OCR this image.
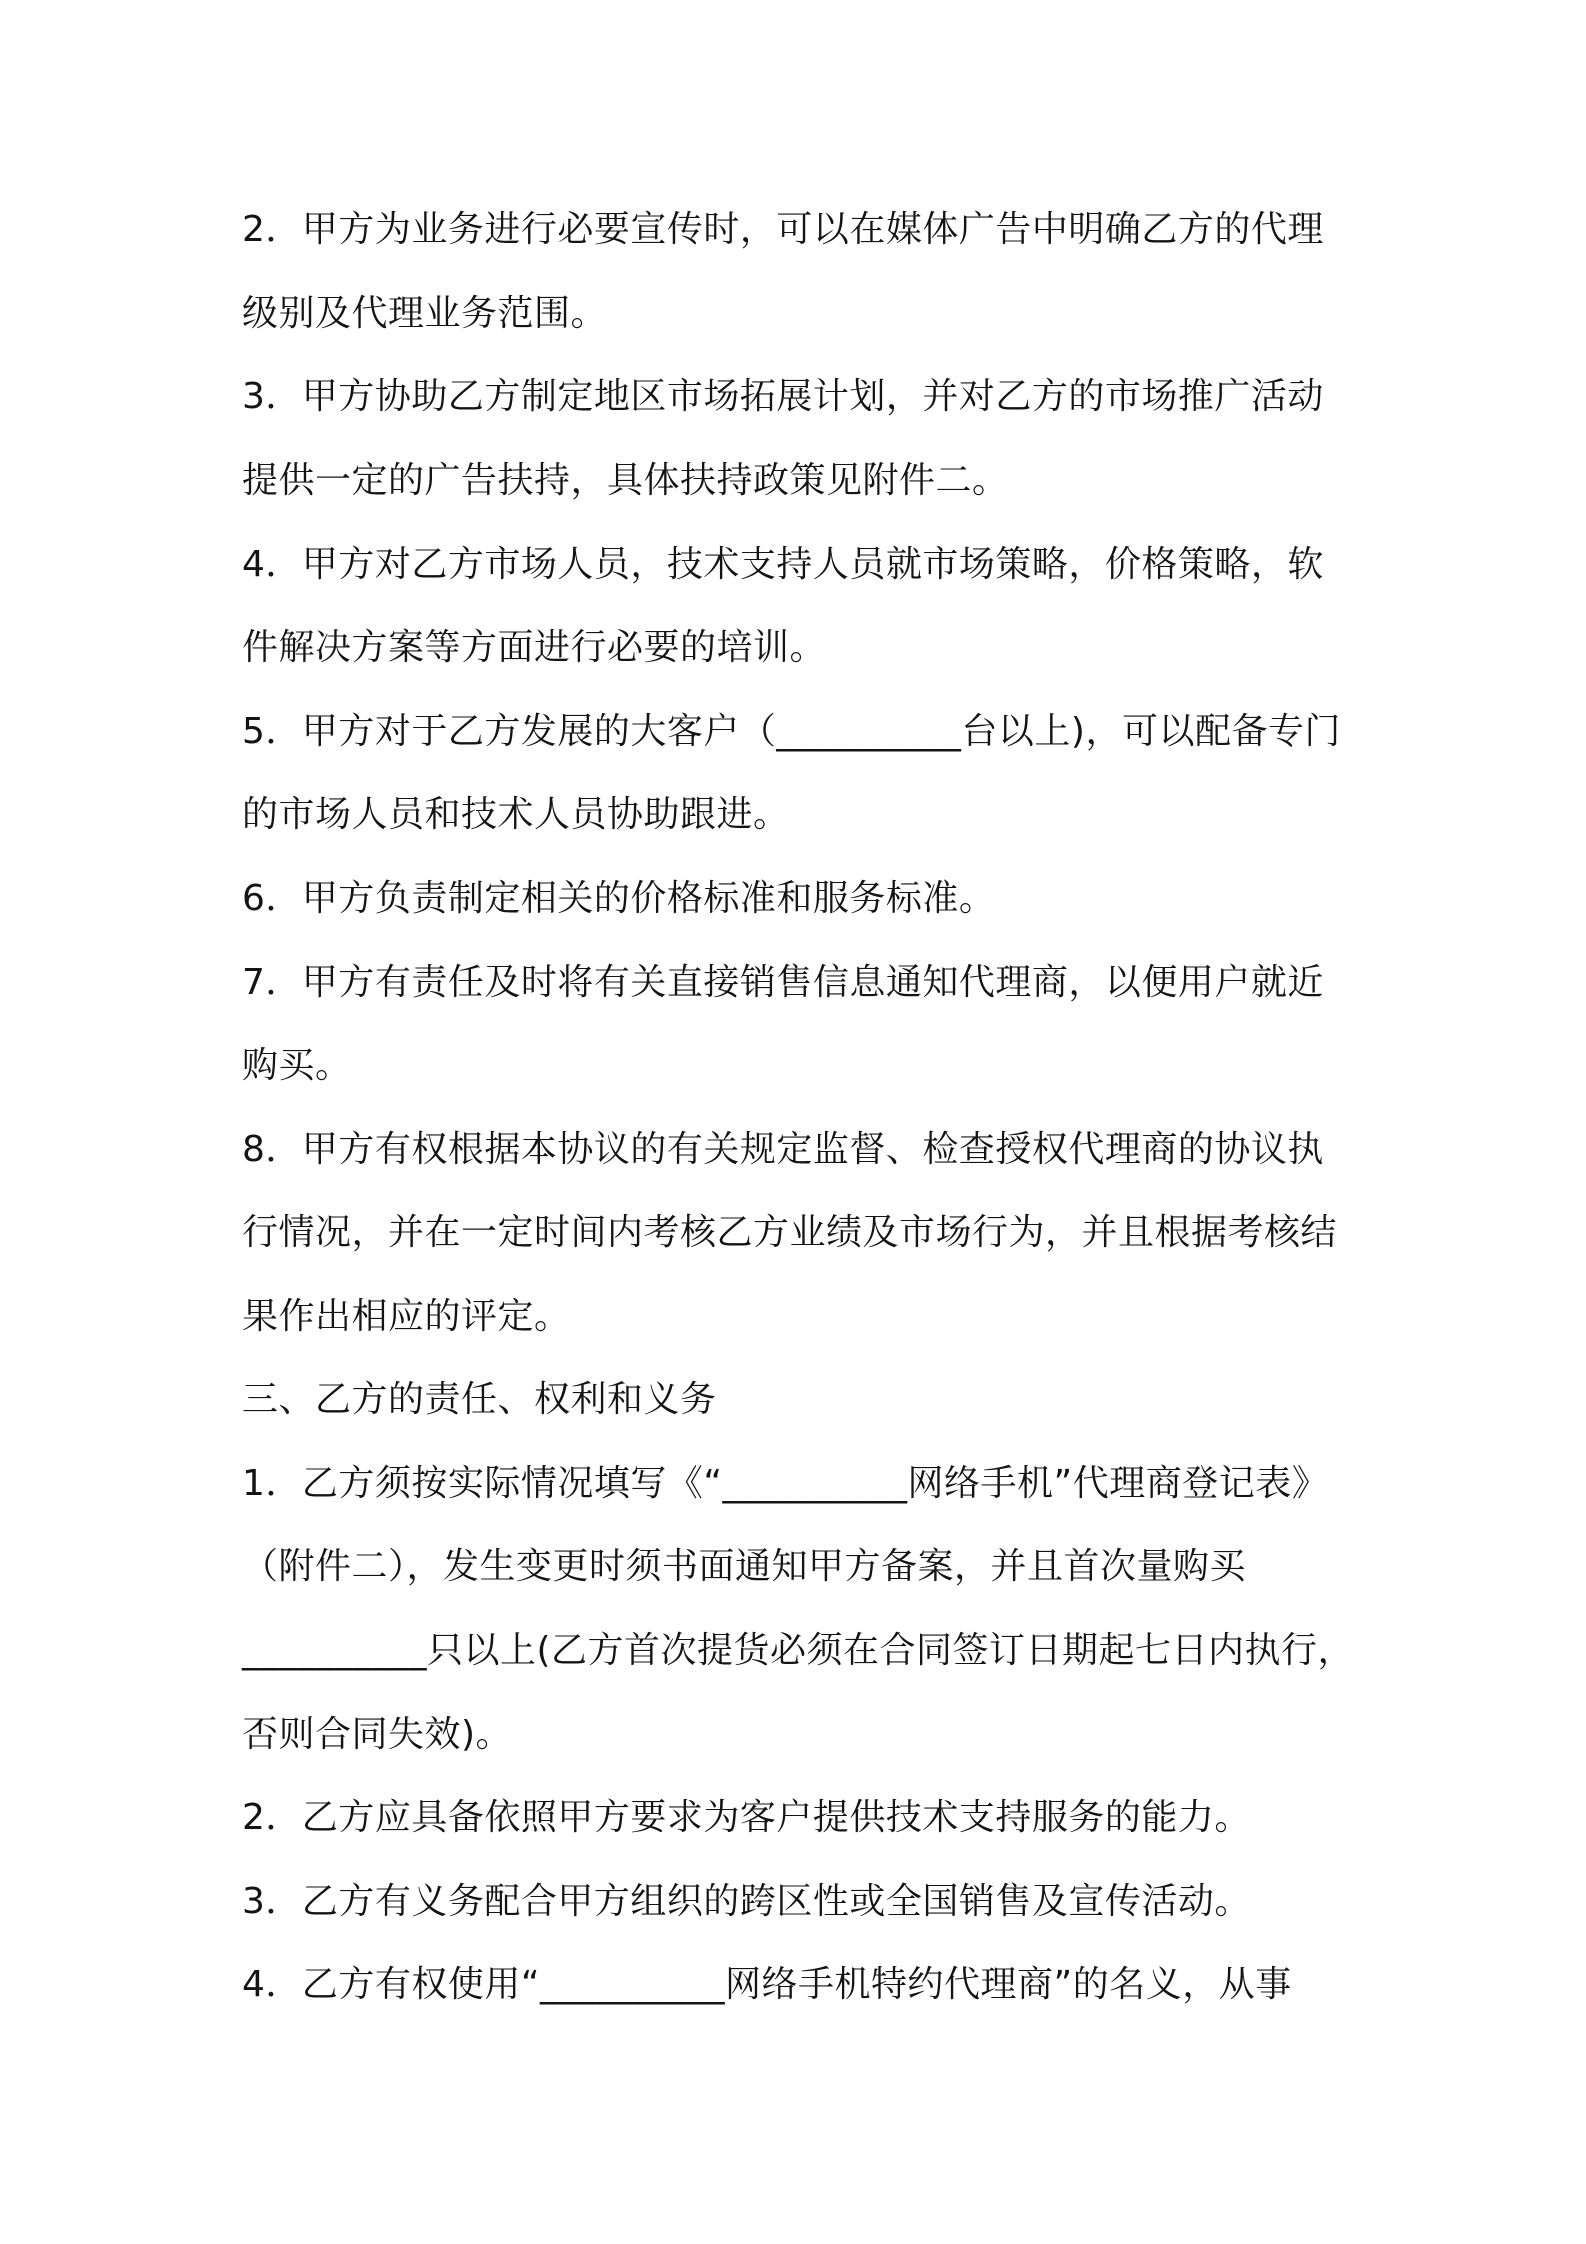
2．甲方为业务进行必要宣传时，可以在媒体广告中明确乙方的代理

级别及代理业务范围。

3．甲方协助乙方制定地区市场拓展计划，并对乙方的市场推广活动

提供一定的广告扶持，具体扶持政策见附件二。

4．甲方对乙方市场人员，技术支持人员就市场策略，价格策略，软

件解决方案等方面进行必要的培训。

5．甲方对于乙方发展的大客户（__________台以上)，可以配备专门

的市场人员和技术人员协助跟进。

6．甲方负责制定相关的价格标准和服务标准。

7．甲方有责任及时将有关直接销售信息通知代理商，以便用户就近

购买。

8．甲方有权根据本协议的有关规定监督、检查授权代理商的协议执

行情况，并在一定时间内考核乙方业绩及市场行为，并且根据考核结

果作出相应的评定。

三、乙方的责任、权利和义务

1．乙方须按实际情况填写《“__________网络手机”代理商登记表》

（附件二），发生变更时须书面通知甲方备案，并且首次量购买

__________只以上(乙方首次提货必须在合同签订日期起七日内执行，

否则合同失效)。

2．乙方应具备依照甲方要求为客户提供技术支持服务的能力。

3．乙方有义务配合甲方组织的跨区性或全国销售及宣传活动。

4．乙方有权使用“__________网络手机特约代理商”的名义，从事
